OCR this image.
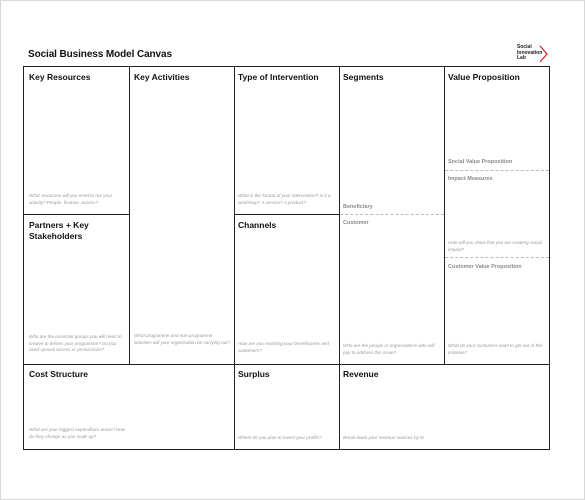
Social Business Model Canvas
Social
Innovation
Lab
Key Resources
What resources will you need to run your activity? People, finance, access?
Partners + Key Stakeholders
Who are the essential groups you will need to involve to deliver your programme? Do you need special access or permissions?
Key Activities
What programme and non-programme activities will your organisation be carrying out?
Type of Intervention
What is the format of your intervention? Is it a workshop? A service? A product?
Channels
How are you reaching your beneficiaries and customers?
Segments
Beneficiary
Customer
Who are the people or organisations who will pay to address this issue?
Value Proposition
Social Value Proposition
Impact Measures
How will you show that you are creating social impact?
Customer Value Proposition
What do your customers want to get out of this initiative?
Cost Structure
What are your biggest expenditure areas? How do they change as you scale up?
Surplus
Where do you plan to invest your profits?
Revenue
Break down your revenue sources by %
